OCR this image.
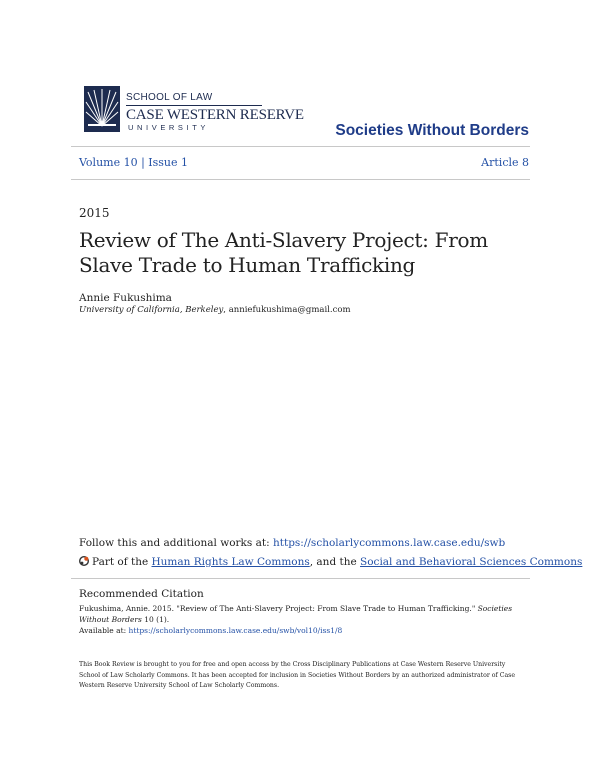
SCHOOL OF LAW
CASE WESTERN RESERVE
UNIVERSITY	Societies Without Borders
Volume 10 | Issue 1	Article 8
2015
Review of The Anti-Slavery Project: From Slave Trade to Human Trafficking
Annie Fukushima
University of California, Berkeley, anniefukushima@gmail.com
Follow this and additional works at: https://scholarlycommons.law.case.edu/swb
Part of the Human Rights Law Commons, and the Social and Behavioral Sciences Commons
Recommended Citation
Fukushima, Annie. 2015. "Review of The Anti-Slavery Project: From Slave Trade to Human Trafficking." Societies Without Borders 10 (1).
Available at: https://scholarlycommons.law.case.edu/swb/vol10/iss1/8
This Book Review is brought to you for free and open access by the Cross Disciplinary Publications at Case Western Reserve University School of Law Scholarly Commons. It has been accepted for inclusion in Societies Without Borders by an authorized administrator of Case Western Reserve University School of Law Scholarly Commons.
